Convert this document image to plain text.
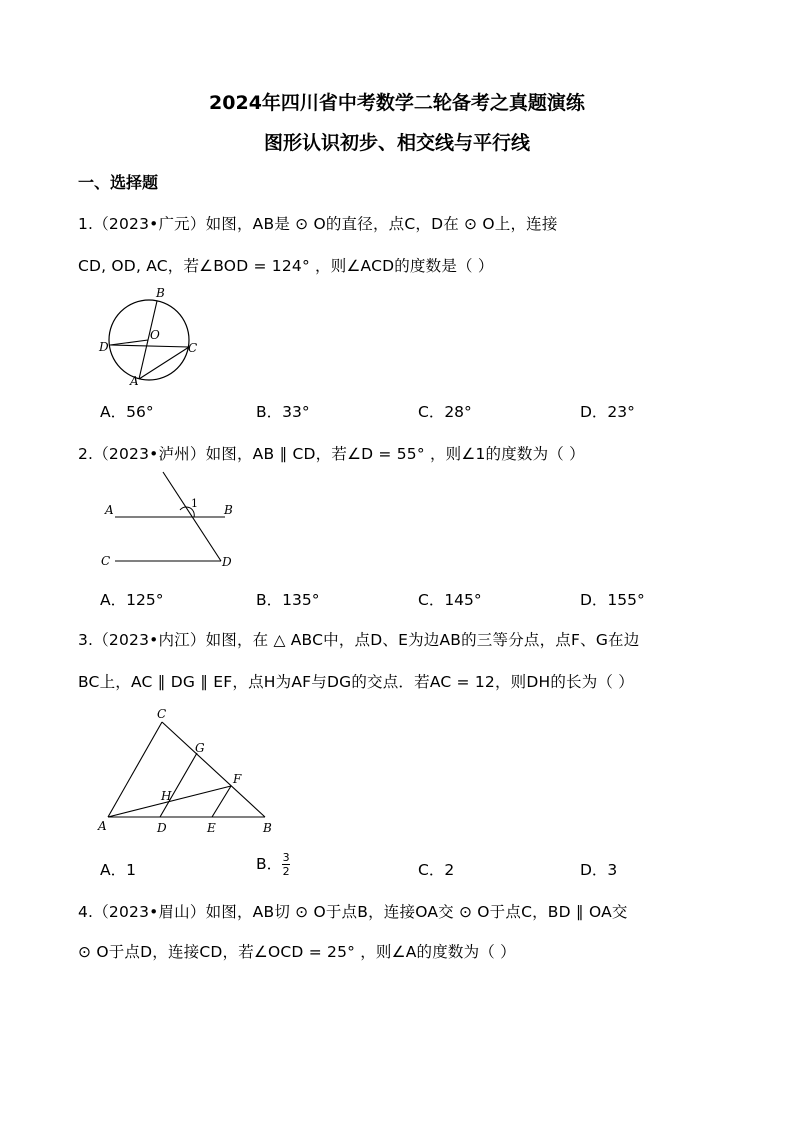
2024年四川省中考数学二轮备考之真题演练
图形认识初步、相交线与平行线
一、选择题
1.（2023•广元）如图，AB是 ⊙ O的直径，点C，D在 ⊙ O上，连接
CD, OD, AC，若∠BOD = 124° ，则∠ACD的度数是（ ）
B
O
D	C
A
A．56°	B．33°	C．28°	D．23°
2.（2023•泸州）如图，AB ∥ CD，若∠D = 55° ，则∠1的度数为（ ）
A	B
C	D
1
A．125°	B．135°	C．145°	D．155°
3.（2023•内江）如图，在 △ ABC中，点D、E为边AB的三等分点，点F、G在边
BC上，AC ∥ DG ∥ EF，点H为AF与DG的交点．若AC = 12，则DH的长为（ ）
C
G
F
H
A	D	E	B
A．1	B． $\frac{3}{2}$	C．2	D．3
4.（2023•眉山）如图，AB切 ⊙ O于点B，连接OA交 ⊙ O于点C，BD ∥ OA交
⊙ O于点D，连接CD，若∠OCD = 25° ，则∠A的度数为（ ）
